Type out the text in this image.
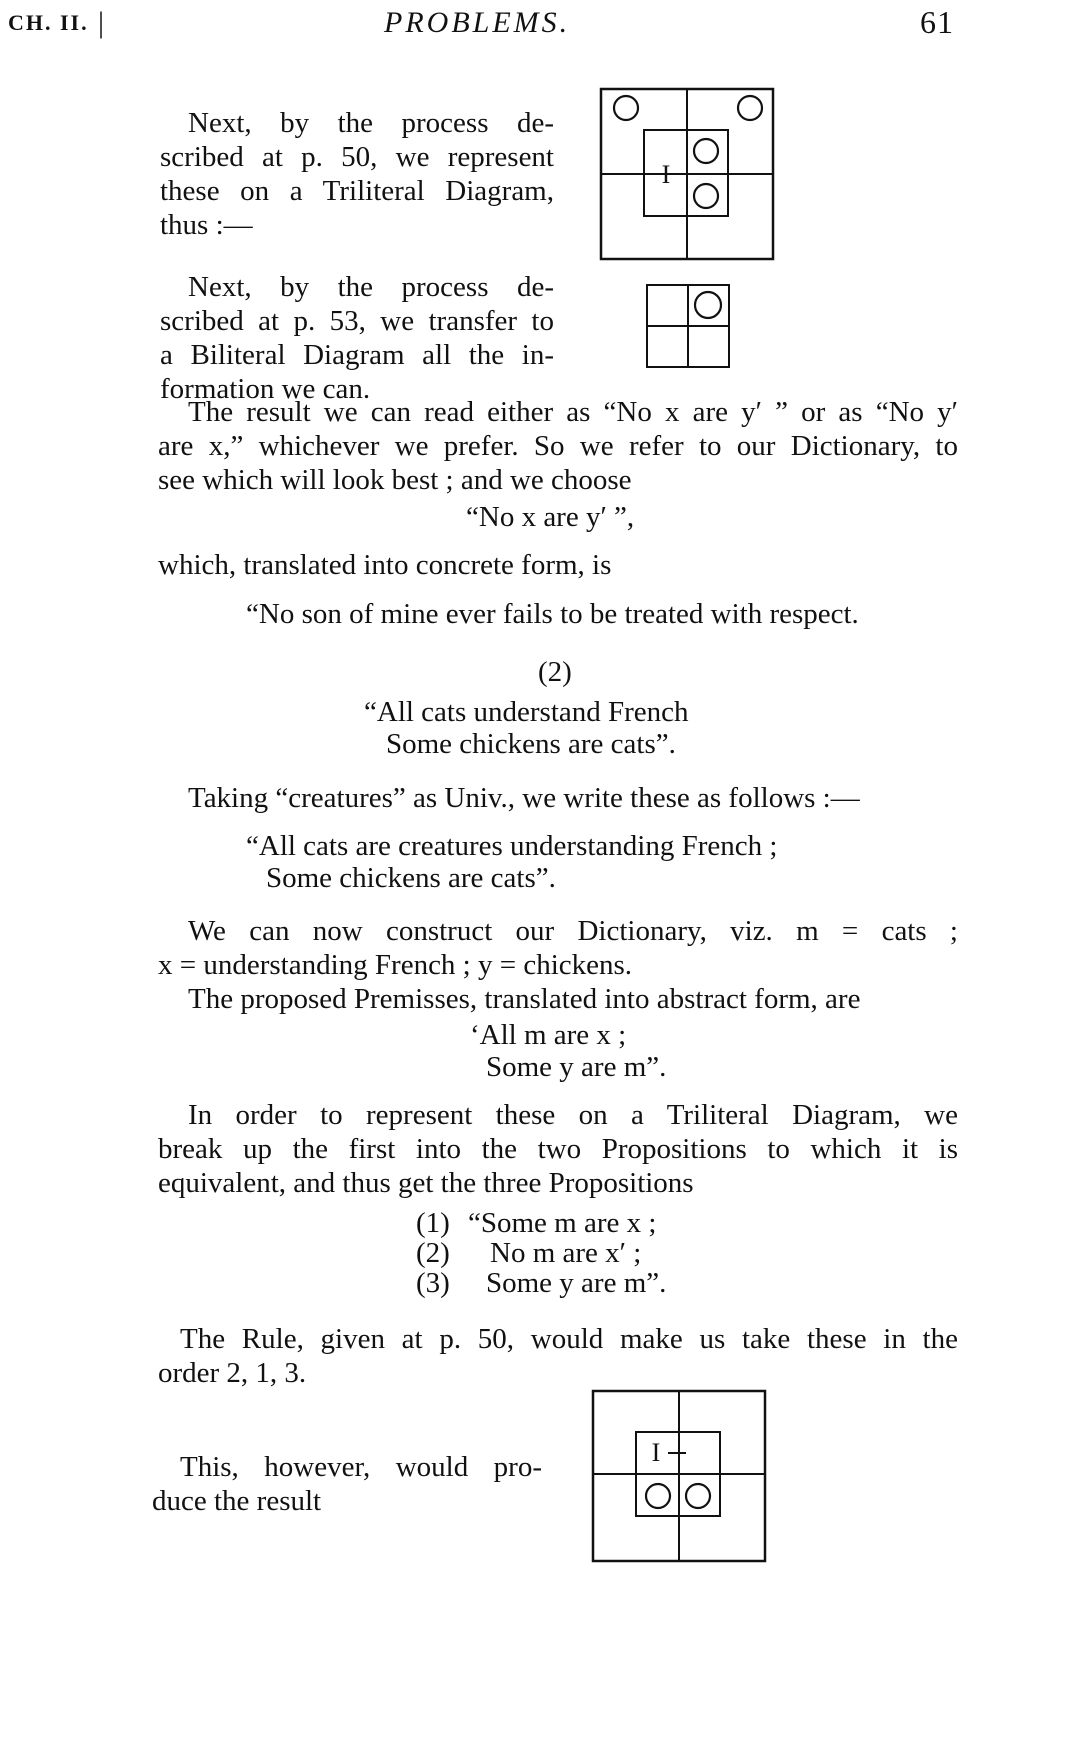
CH. II. |	PROBLEMS.	61
Next, by the process de-
scribed at p. 50, we represent
these on a Triliteral Diagram,
thus :—
I
Next, by the process de-
scribed at p. 53, we transfer to
a Biliteral Diagram all the in-
formation we can.
The result we can read either as “No x are y′ ” or as “No y′
are x,” whichever we prefer. So we refer to our Dictionary, to
see which will look best ; and we choose
“No x are y′ ”,
which, translated into concrete form, is
“No son of mine ever fails to be treated with respect.
(2)
“All cats understand French
Some chickens are cats”.
Taking “creatures” as Univ., we write these as follows :—
“All cats are creatures understanding French ;
Some chickens are cats”.
We can now construct our Dictionary, viz. m = cats ;
x = understanding French ; y = chickens.
The proposed Premisses, translated into abstract form, are
‘All m are x ;
Some y are m”.
In order to represent these on a Triliteral Diagram, we
break up the first into the two Propositions to which it is
equivalent, and thus get the three Propositions
(1) “Some m are x ;
(2) No m are x′ ;
(3) Some y are m”.
The Rule, given at p. 50, would make us take these in the
order 2, 1, 3.
This, however, would pro-
duce the result
I
